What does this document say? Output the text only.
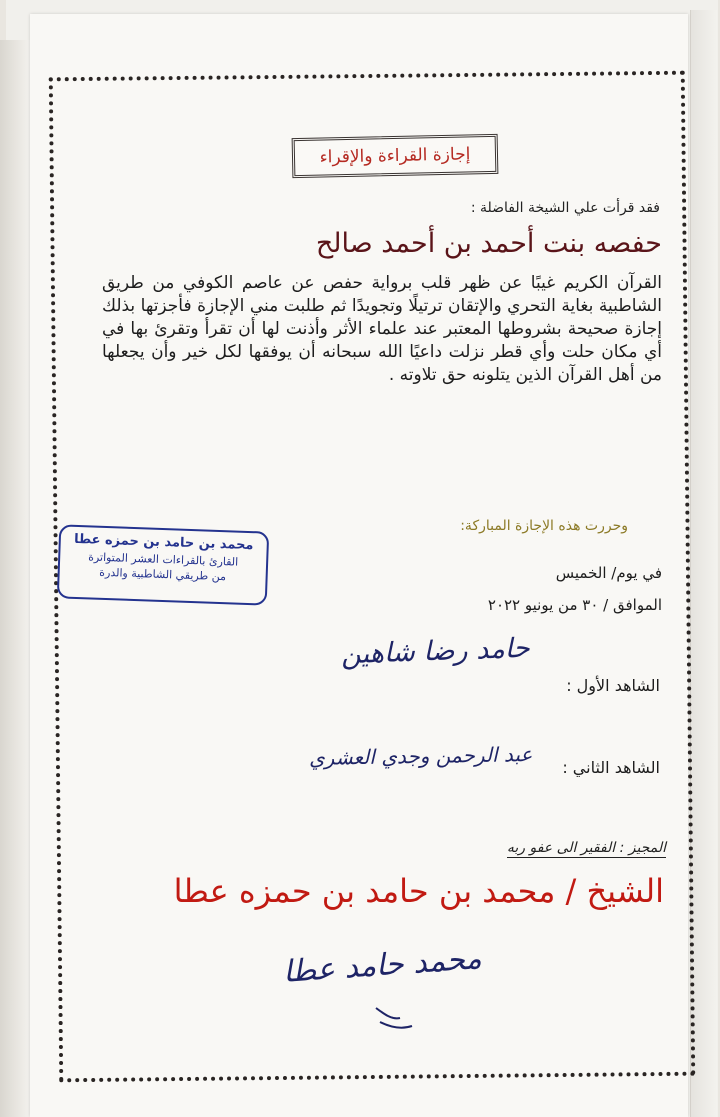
إجازة القراءة والإقراء
فقد قرأت علي الشيخة الفاضلة :
حفصه بنت أحمد بن أحمد صالح
القرآن الكريم غيبًا عن ظهر قلب برواية حفص عن عاصم الكوفي من طريق الشاطبية بغاية التحري والإتقان ترتيلًا وتجويدًا ثم طلبت مني الإجازة فأجزتها بذلك إجازة صحيحة بشروطها المعتبر عند علماء الأثر وأذنت لها أن تقرأ وتقرئ بها في أي مكان حلت وأي قطر نزلت داعيًا الله سبحانه أن يوفقها لكل خير وأن يجعلها من أهل القرآن الذين يتلونه حق تلاوته .
وحررت هذه الإجازة المباركة:
محمد بن حامد بن حمزه عطا
القارئ بالقراءات العشر المتواترة
من طريقي الشاطبية والدرة	في يوم/ الخميس
الموافق / ٣٠ من يونيو ٢٠٢٢
الشاهد الأول :
حامد رضا شاهين
الشاهد الثاني :
عبد الرحمن وجدي العشري
المجيز : الفقير الى عفو ربه
الشيخ / محمد بن حامد بن حمزه عطا
محمد حامد عطا
